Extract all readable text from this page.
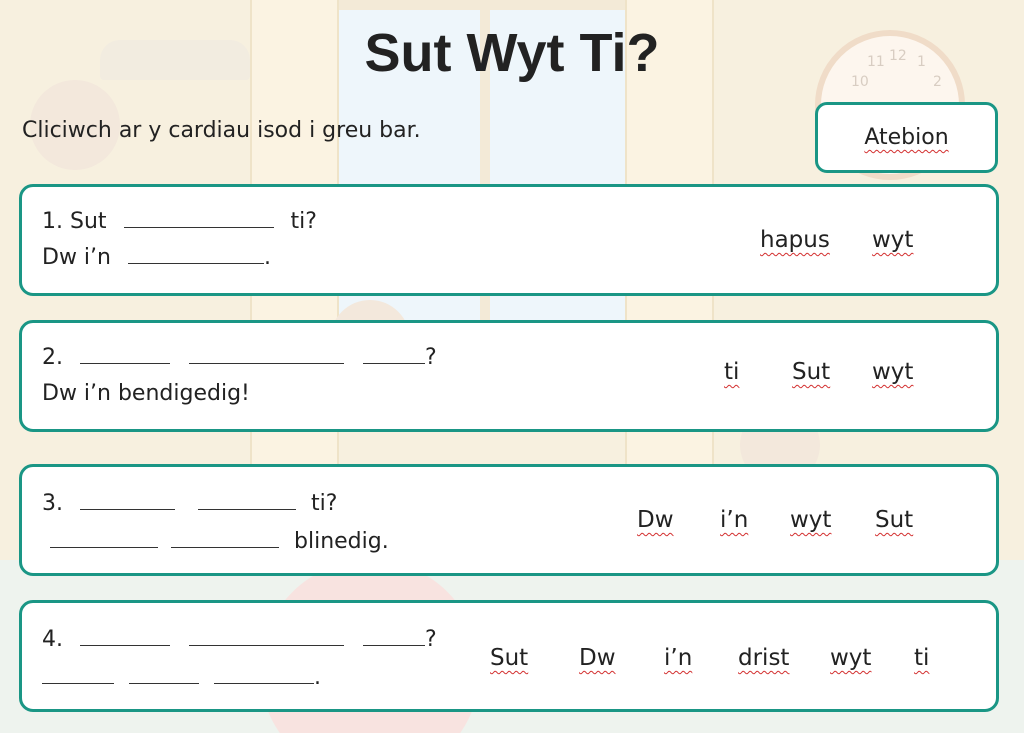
11 12 1
10	2
Sut Wyt Ti?
Cliciwch ar y cardiau isod i greu bar.	Atebion
1. Sut	ti?
Dw i’n	.
hapus wyt
2.	?
Dw i’n bendigedig!
ti Sut wyt
3.	ti?
blinedig.
Dw i’n wyt Sut
4.	?
.
Sut Dw i’n drist wyt ti
